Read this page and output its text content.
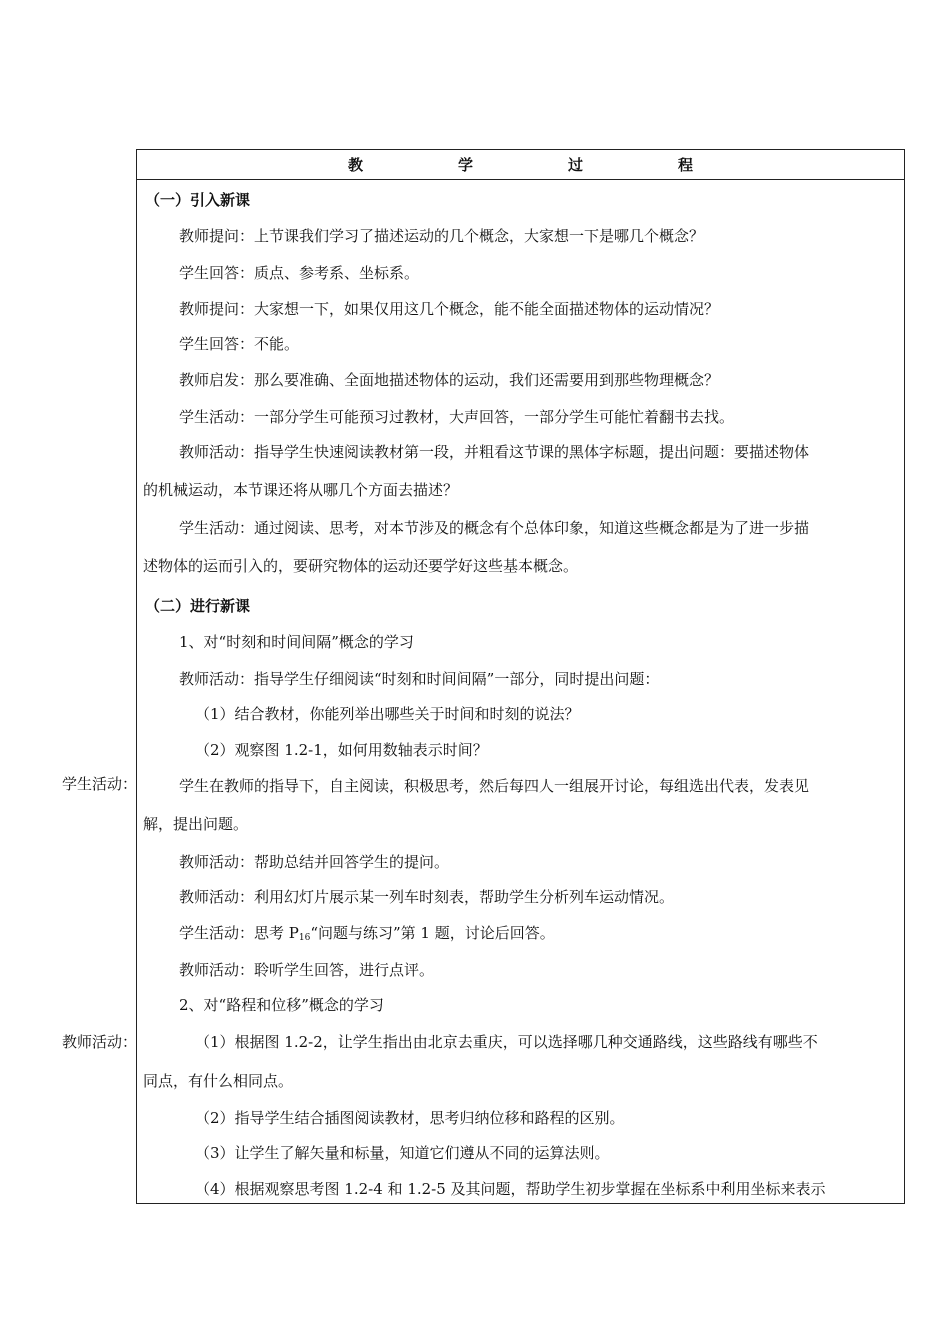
学生活动：
教师活动：
教　学　过　程
（一）引入新课
教师提问：上节课我们学习了描述运动的几个概念，大家想一下是哪几个概念？
学生回答：质点、参考系、坐标系。
教师提问：大家想一下，如果仅用这几个概念，能不能全面描述物体的运动情况？
学生回答：不能。
教师启发：那么要准确、全面地描述物体的运动，我们还需要用到那些物理概念？
学生活动：一部分学生可能预习过教材，大声回答，一部分学生可能忙着翻书去找。
教师活动：指导学生快速阅读教材第一段，并粗看这节课的黑体字标题，提出问题：要描述物体
的机械运动，本节课还将从哪几个方面去描述？
学生活动：通过阅读、思考，对本节涉及的概念有个总体印象，知道这些概念都是为了进一步描
述物体的运而引入的，要研究物体的运动还要学好这些基本概念。
（二）进行新课
1、对“时刻和时间间隔”概念的学习
教师活动：指导学生仔细阅读“时刻和时间间隔”一部分，同时提出问题：
（1）结合教材，你能列举出哪些关于时间和时刻的说法？
（2）观察图 1.2-1，如何用数轴表示时间？
学生在教师的指导下，自主阅读，积极思考，然后每四人一组展开讨论，每组选出代表，发表见
解，提出问题。
教师活动：帮助总结并回答学生的提问。
教师活动：利用幻灯片展示某一列车时刻表，帮助学生分析列车运动情况。
学生活动：思考 $P_{16}“$问题与练习”第 1 题，讨论后回答。
教师活动：聆听学生回答，进行点评。
2、对“路程和位移”概念的学习
（1）根据图 1.2-2，让学生指出由北京去重庆，可以选择哪几种交通路线，这些路线有哪些不
同点，有什么相同点。
（2）指导学生结合插图阅读教材，思考归纳位移和路程的区别。
（3）让学生了解矢量和标量，知道它们遵从不同的运算法则。
（4）根据观察思考图 1.2-4 和 1.2-5 及其问题，帮助学生初步掌握在坐标系中利用坐标来表示
